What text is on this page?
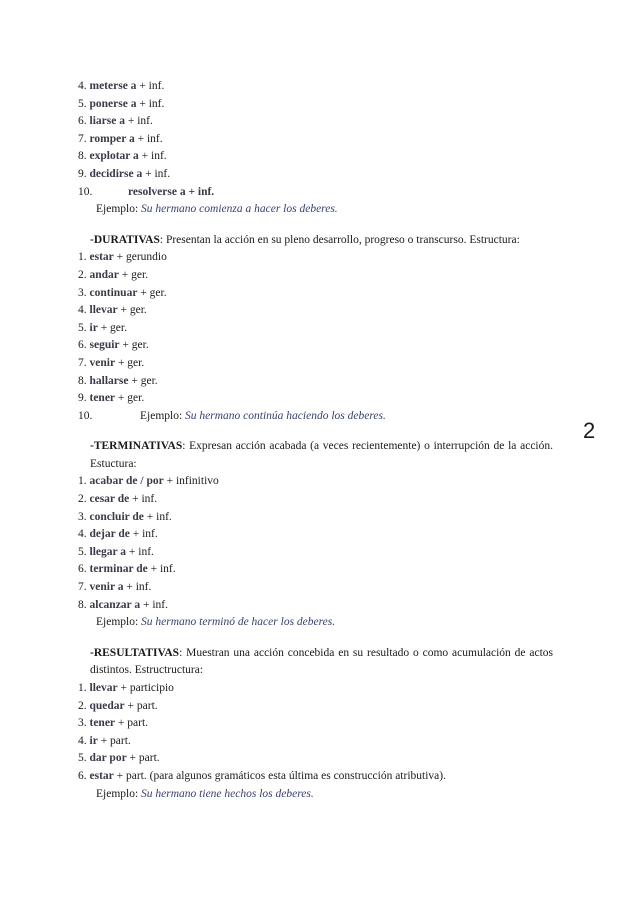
4. meterse a + inf.
5. ponerse a + inf.
6. liarse a + inf.
7. romper a + inf.
8. explotar a + inf.
9. decidirse a + inf.
10.	resolverse a + inf.
Ejemplo: Su hermano comienza a hacer los deberes.
-DURATIVAS: Presentan la acción en su pleno desarrollo, progreso o transcurso. Estructura:
1. estar + gerundio
2. andar + ger.
3. continuar + ger.
4. llevar + ger.
5. ir + ger.
6. seguir + ger.
7. venir + ger.
8. hallarse + ger.
9. tener + ger.
10.	Ejemplo: Su hermano continúa haciendo los deberes.
-TERMINATIVAS: Expresan acción acabada (a veces recientemente) o interrupción de la acción. Estuctura:
1. acabar de / por + infinitivo
2. cesar de + inf.
3. concluir de + inf.
4. dejar de + inf.
5. llegar a + inf.
6. terminar de + inf.
7. venir a + inf.
8. alcanzar a + inf.
Ejemplo: Su hermano terminó de hacer los deberes.
-RESULTATIVAS: Muestran una acción concebida en su resultado o como acumulación de actos distintos. Estructructura:
1. llevar + participio
2. quedar + part.
3. tener + part.
4. ir + part.
5. dar por + part.
6. estar + part. (para algunos gramáticos esta última es construcción atributiva).
Ejemplo: Su hermano tiene hechos los deberes.
2
